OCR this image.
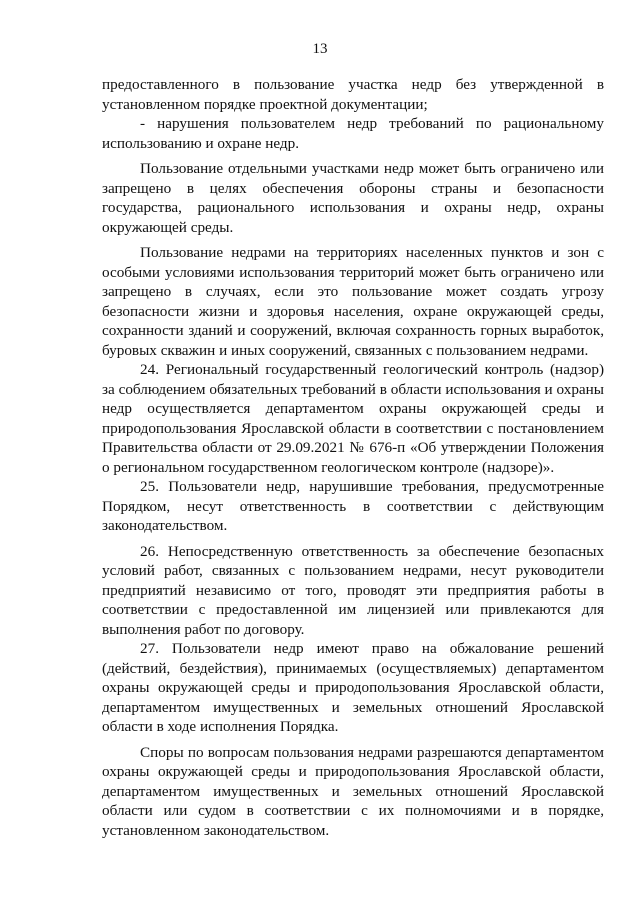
13

предоставленного в пользование участка недр без утвержденной в установленном порядке проектной документации;

- нарушения пользователем недр требований по рациональному использованию и охране недр.

Пользование отдельными участками недр может быть ограничено или запрещено в целях обеспечения обороны страны и безопасности государства, рационального использования и охраны недр, охраны окружающей среды.

Пользование недрами на территориях населенных пунктов и зон с особыми условиями использования территорий может быть ограничено или запрещено в случаях, если это пользование может создать угрозу безопасности жизни и здоровья населения, охране окружающей среды, сохранности зданий и сооружений, включая сохранность горных выработок, буровых скважин и иных сооружений, связанных с пользованием недрами.

24. Региональный государственный геологический контроль (надзор) за соблюдением обязательных требований в области использования и охраны недр осуществляется департаментом охраны окружающей среды и природопользования Ярославской области в соответствии с постановлением Правительства области от 29.09.2021 № 676-п «Об утверждении Положения о региональном государственном геологическом контроле (надзоре)».

25. Пользователи недр, нарушившие требования, предусмотренные Порядком, несут ответственность в соответствии с действующим законодательством.

26. Непосредственную ответственность за обеспечение безопасных условий работ, связанных с пользованием недрами, несут руководители предприятий независимо от того, проводят эти предприятия работы в соответствии с предоставленной им лицензией или привлекаются для выполнения работ по договору.

27. Пользователи недр имеют право на обжалование решений (действий, бездействия), принимаемых (осуществляемых) департаментом охраны окружающей среды и природопользования Ярославской области, департаментом имущественных и земельных отношений Ярославской области в ходе исполнения Порядка.

Споры по вопросам пользования недрами разрешаются департаментом охраны окружающей среды и природопользования Ярославской области, департаментом имущественных и земельных отношений Ярославской области или судом в соответствии с их полномочиями и в порядке, установленном законодательством.
